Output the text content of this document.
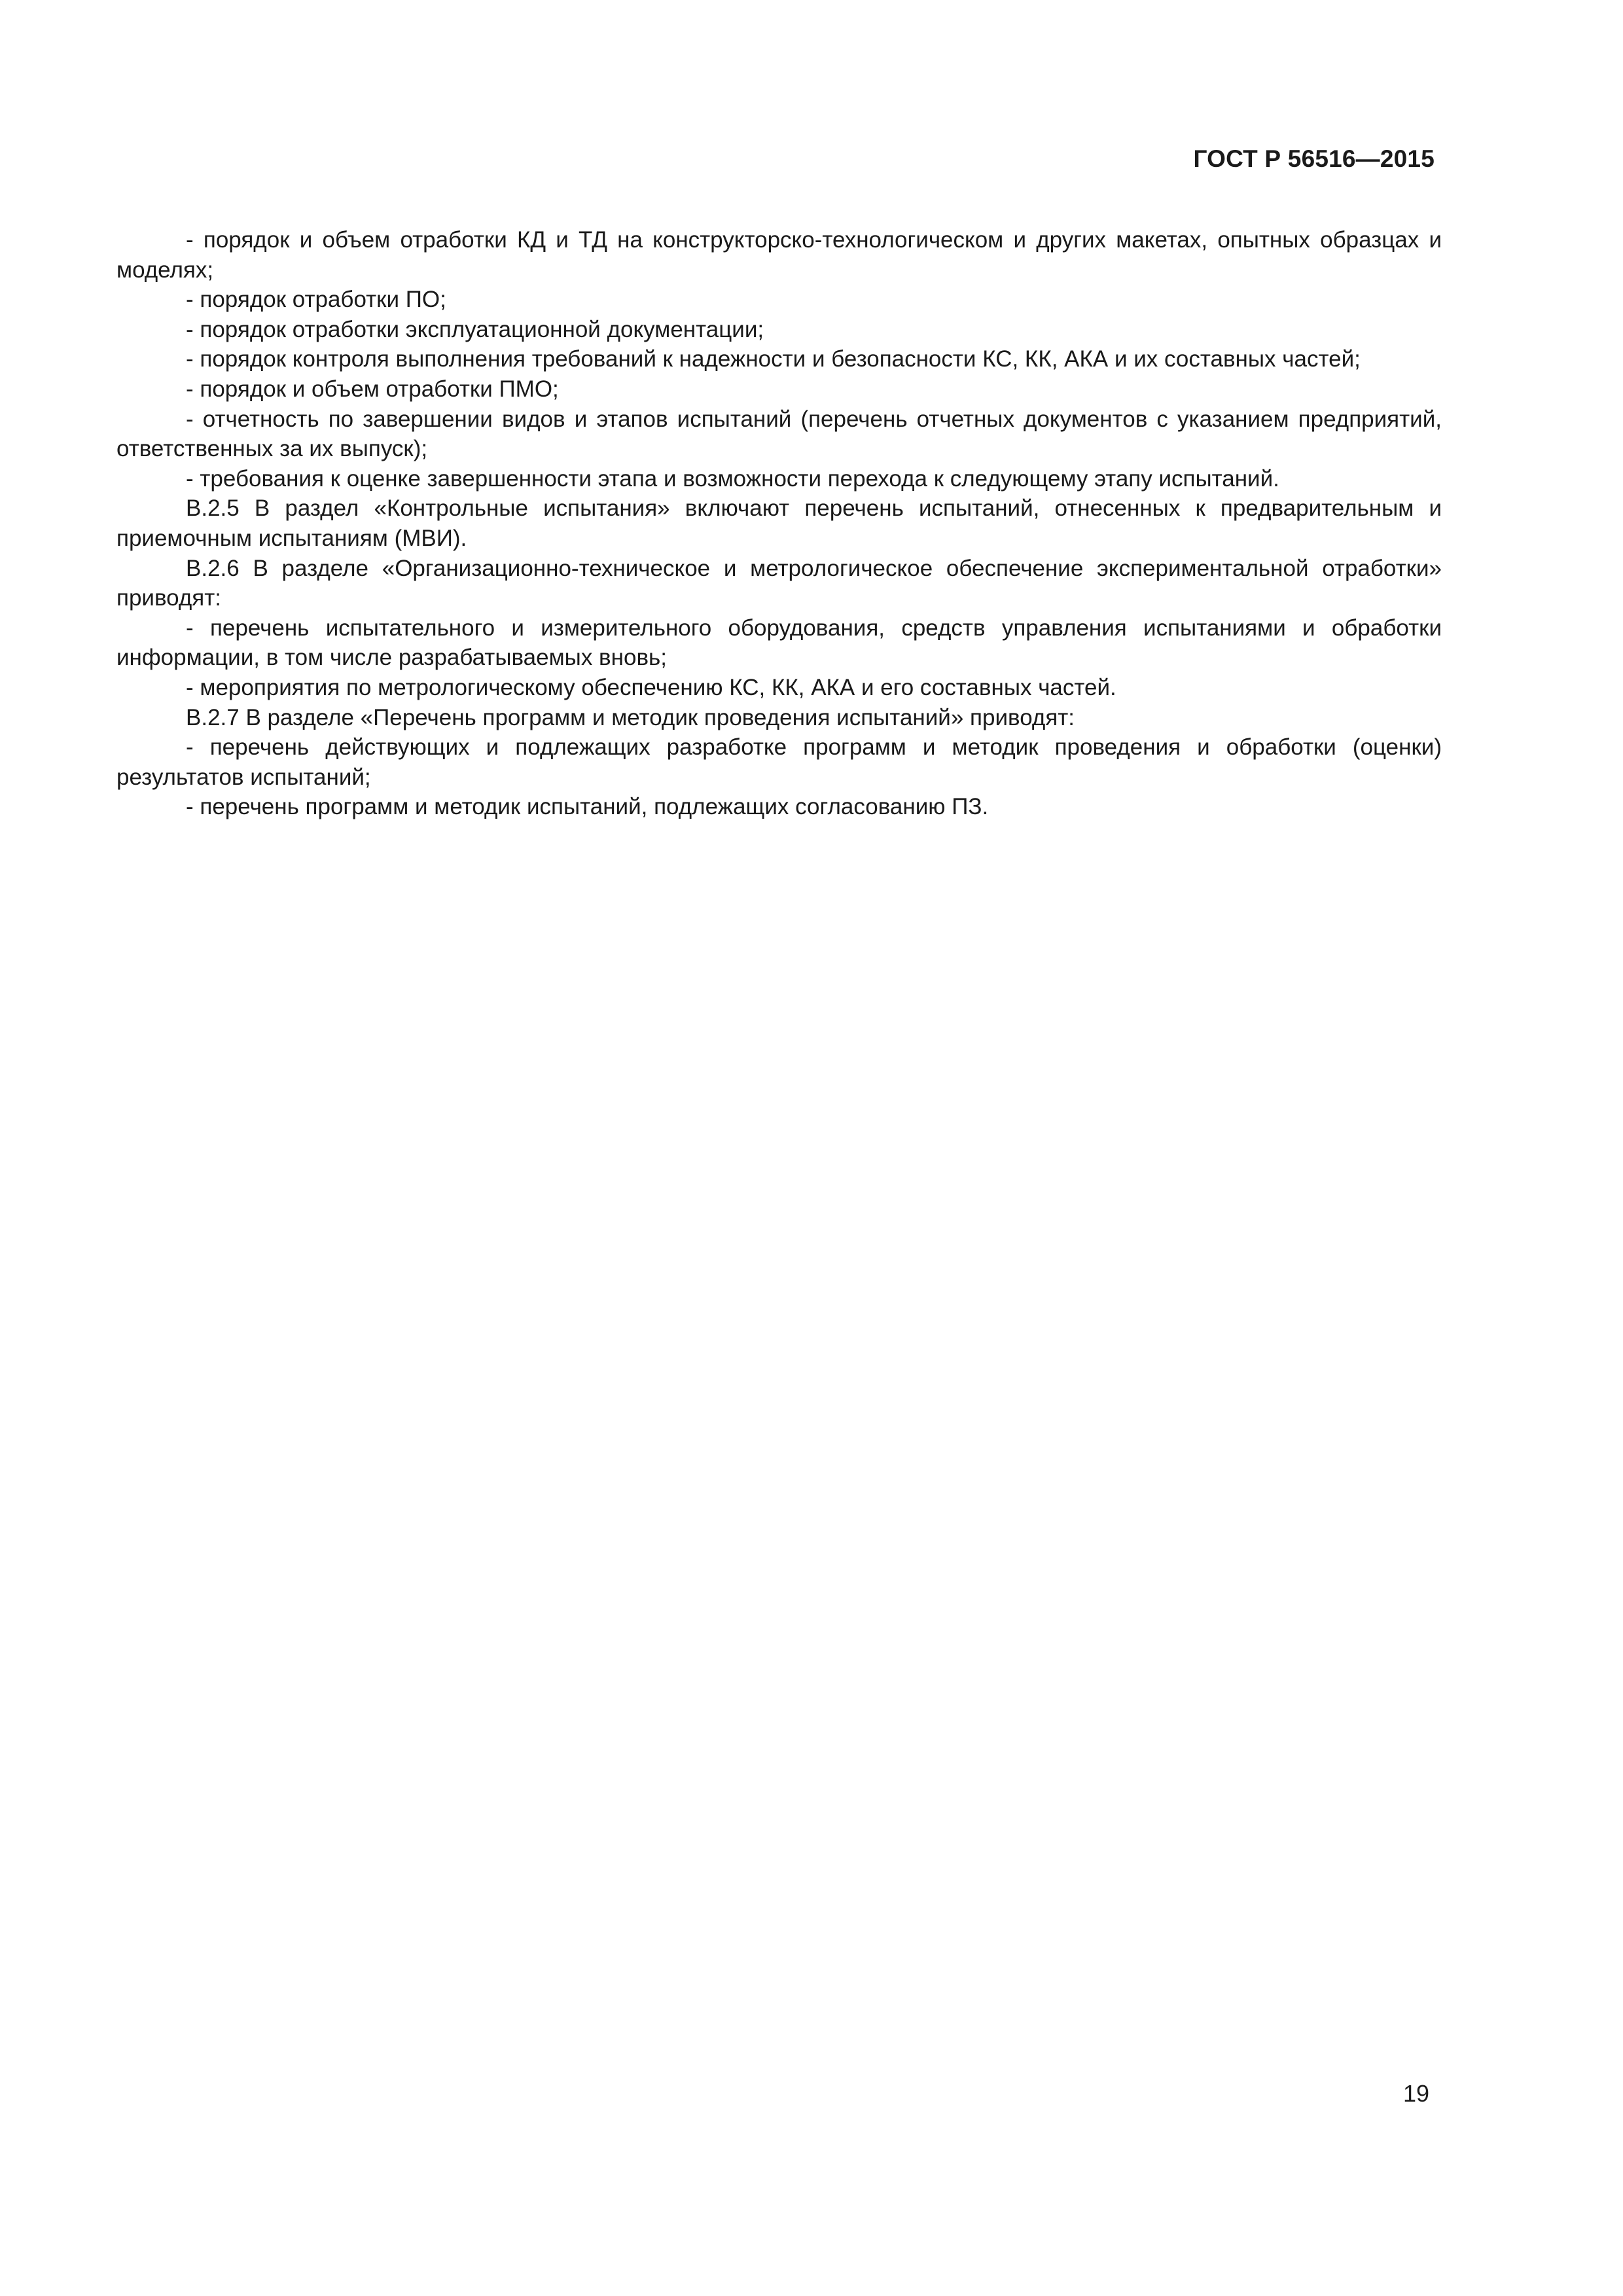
ГОСТ Р 56516—2015

- порядок и объем отработки КД и ТД на конструкторско-технологическом и других макетах, опытных образцах и моделях;

- порядок отработки ПО;

- порядок отработки эксплуатационной документации;

- порядок контроля выполнения требований к надежности и безопасности КС, КК, АКА и их составных частей;

- порядок и объем отработки ПМО;

- отчетность по завершении видов и этапов испытаний (перечень отчетных документов с указанием предприятий, ответственных за их выпуск);

- требования к оценке завершенности этапа и возможности перехода к следующему этапу испытаний.

В.2.5 В раздел «Контрольные испытания» включают перечень испытаний, отнесенных к предварительным и приемочным испытаниям (МВИ).

В.2.6 В разделе «Организационно-техническое и метрологическое обеспечение экспериментальной отработки» приводят:

- перечень испытательного и измерительного оборудования, средств управления испытаниями и обработки информации, в том числе разрабатываемых вновь;

- мероприятия по метрологическому обеспечению КС, КК, АКА и его составных частей.

В.2.7 В разделе «Перечень программ и методик проведения испытаний» приводят:

- перечень действующих и подлежащих разработке программ и методик проведения и обработки (оценки) результатов испытаний;

- перечень программ и методик испытаний, подлежащих согласованию ПЗ.

19
